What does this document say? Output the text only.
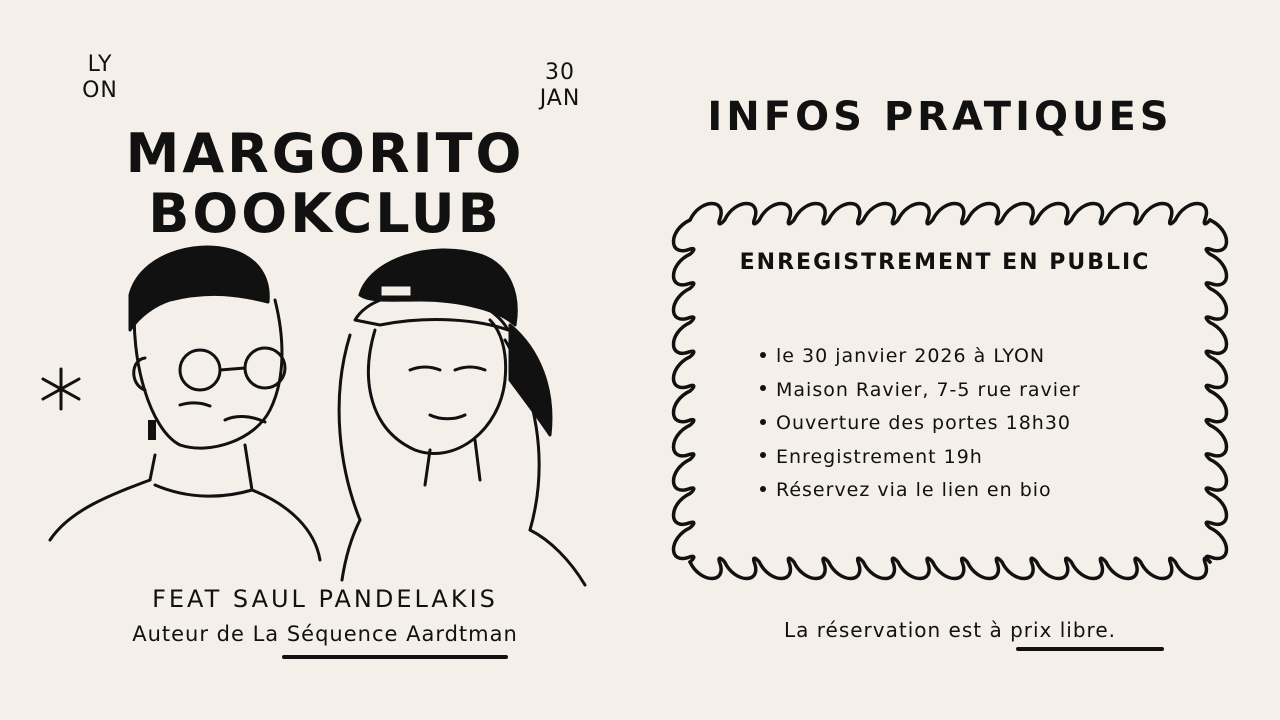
LY
ON
30
JAN
MARGORITO
BOOKCLUB
FEAT SAUL PANDELAKIS
Auteur de La Séquence Aardtman
INFOS PRATIQUES
ENREGISTREMENT EN PUBLIC
le 30 janvier 2026 à LYON
Maison Ravier, 7-5 rue ravier
Ouverture des portes 18h30
Enregistrement 19h
Réservez via le lien en bio
La réservation est à prix libre.
